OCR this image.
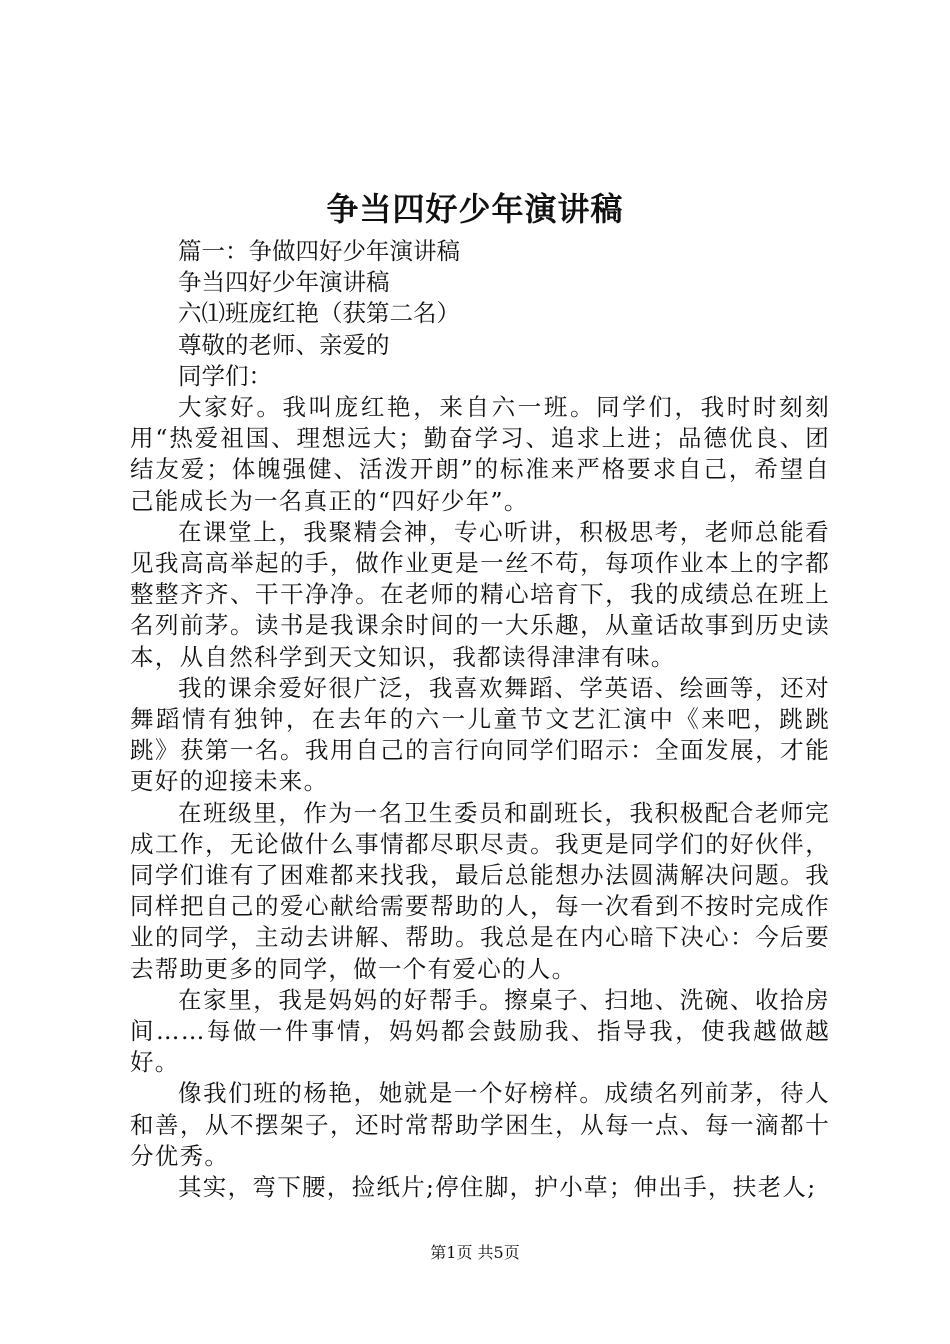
争当四好少年演讲稿

篇一：争做四好少年演讲稿

争当四好少年演讲稿

六⑴班庞红艳（获第二名）

尊敬的老师、亲爱的

同学们：

大家好。我叫庞红艳，来自六一班。同学们，我时时刻刻用“热爱祖国、理想远大；勤奋学习、追求上进；品德优良、团结友爱；体魄强健、活泼开朗”的标准来严格要求自己，希望自己能成长为一名真正的“四好少年”。

在课堂上，我聚精会神，专心听讲，积极思考，老师总能看见我高高举起的手，做作业更是一丝不苟，每项作业本上的字都整整齐齐、干干净净。在老师的精心培育下，我的成绩总在班上名列前茅。读书是我课余时间的一大乐趣，从童话故事到历史读本，从自然科学到天文知识，我都读得津津有味。

我的课余爱好很广泛，我喜欢舞蹈、学英语、绘画等，还对舞蹈情有独钟，在去年的六一儿童节文艺汇演中《来吧，跳跳跳》获第一名。我用自己的言行向同学们昭示：全面发展，才能更好的迎接未来。

在班级里，作为一名卫生委员和副班长，我积极配合老师完成工作，无论做什么事情都尽职尽责。我更是同学们的好伙伴，同学们谁有了困难都来找我，最后总能想办法圆满解决问题。我同样把自己的爱心献给需要帮助的人，每一次看到不按时完成作业的同学，主动去讲解、帮助。我总是在内心暗下决心：今后要去帮助更多的同学，做一个有爱心的人。

在家里，我是妈妈的好帮手。擦桌子、扫地、洗碗、收拾房间……每做一件事情，妈妈都会鼓励我、指导我，使我越做越好。

像我们班的杨艳，她就是一个好榜样。成绩名列前茅，待人和善，从不摆架子，还时常帮助学困生，从每一点、每一滴都十分优秀。

其实，弯下腰，捡纸片;停住脚，护小草；伸出手，扶老人;

第1页 共5页
